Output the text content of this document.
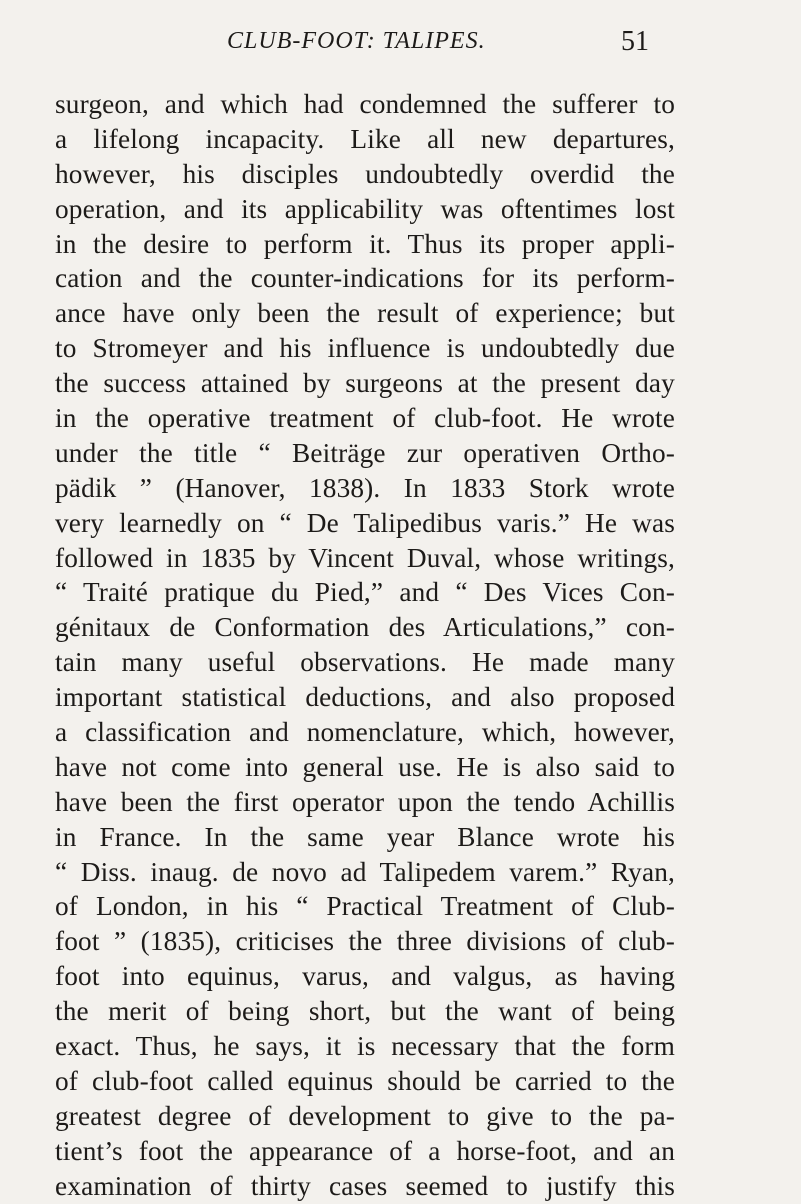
CLUB-FOOT: TALIPES.	51
surgeon, and which had condemned the sufferer to
a lifelong incapacity. Like all new departures,
however, his disciples undoubtedly overdid the
operation, and its applicability was oftentimes lost
in the desire to perform it. Thus its proper appli-
cation and the counter-indications for its perform-
ance have only been the result of experience; but
to Stromeyer and his influence is undoubtedly due
the success attained by surgeons at the present day
in the operative treatment of club-foot. He wrote
under the title “ Beiträge zur operativen Ortho-
pädik ” (Hanover, 1838). In 1833 Stork wrote
very learnedly on “ De Talipedibus varis.” He was
followed in 1835 by Vincent Duval, whose writings,
“ Traité pratique du Pied,” and “ Des Vices Con-
génitaux de Conformation des Articulations,” con-
tain many useful observations. He made many
important statistical deductions, and also proposed
a classification and nomenclature, which, however,
have not come into general use. He is also said to
have been the first operator upon the tendo Achillis
in France. In the same year Blance wrote his
“ Diss. inaug. de novo ad Talipedem varem.” Ryan,
of London, in his “ Practical Treatment of Club-
foot ” (1835), criticises the three divisions of club-
foot into equinus, varus, and valgus, as having
the merit of being short, but the want of being
exact. Thus, he says, it is necessary that the form
of club-foot called equinus should be carried to the
greatest degree of development to give to the pa-
tient’s foot the appearance of a horse-foot, and an
examination of thirty cases seemed to justify this
